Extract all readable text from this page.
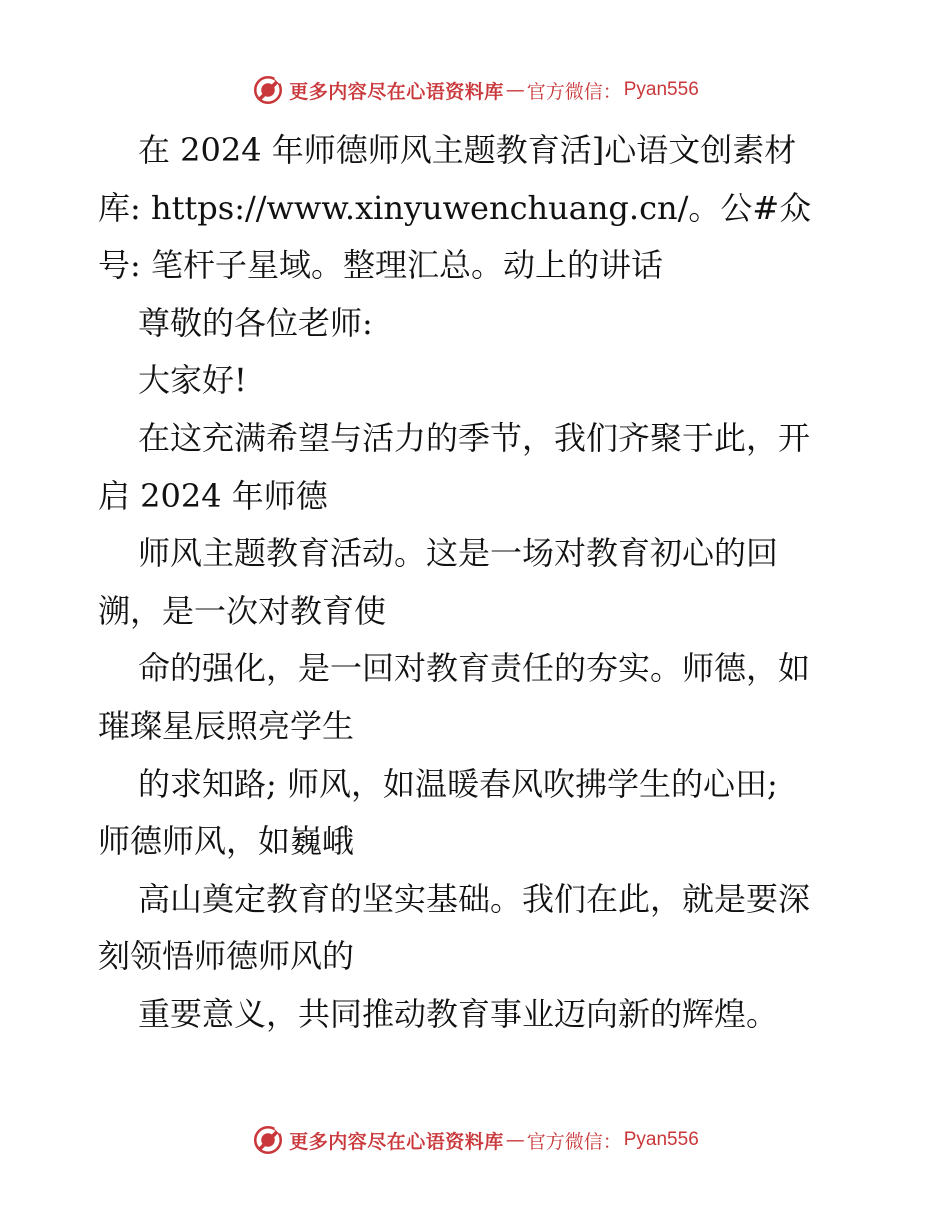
更多内容尽在心语资料库 — 官方微信： Pyan556
在 2024 年师德师风主题教育活]心语文创素材
库: https://www.xinyuwenchuang.cn/。公#众
号: 笔杆子星域。整理汇总。动上的讲话
尊敬的各位老师:
大家好!
在这充满希望与活力的季节，我们齐聚于此，开
启 2024 年师德
师风主题教育活动。这是一场对教育初心的回
溯，是一次对教育使
命的强化，是一回对教育责任的夯实。师德，如
璀璨星辰照亮学生
的求知路; 师风，如温暖春风吹拂学生的心田;
师德师风，如巍峨
高山奠定教育的坚实基础。我们在此，就是要深
刻领悟师德师风的
重要意义，共同推动教育事业迈向新的辉煌。
更多内容尽在心语资料库 — 官方微信： Pyan556
